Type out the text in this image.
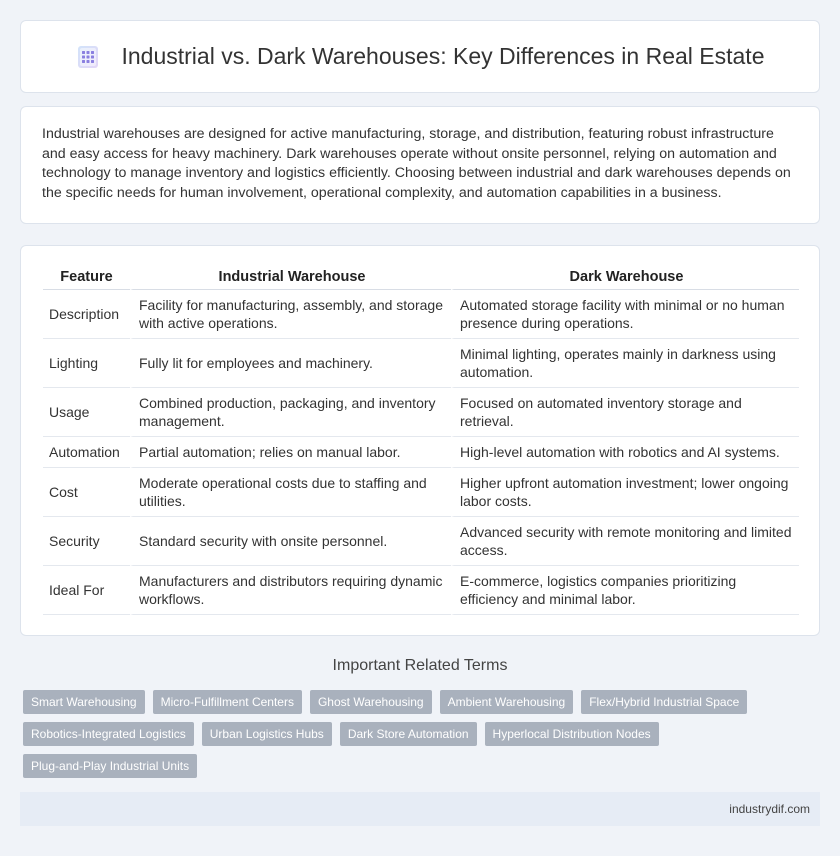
Industrial vs. Dark Warehouses: Key Differences in Real Estate

Industrial warehouses are designed for active manufacturing, storage, and distribution, featuring robust infrastructure and easy access for heavy machinery. Dark warehouses operate without onsite personnel, relying on automation and technology to manage inventory and logistics efficiently. Choosing between industrial and dark warehouses depends on the specific needs for human involvement, operational complexity, and automation capabilities in a business.

Feature	Industrial Warehouse	Dark Warehouse
Description	Facility for manufacturing, assembly, and storage with active operations.	Automated storage facility with minimal or no human presence during operations.
Lighting	Fully lit for employees and machinery.	Minimal lighting, operates mainly in darkness using automation.
Usage	Combined production, packaging, and inventory management.	Focused on automated inventory storage and retrieval.
Automation	Partial automation; relies on manual labor.	High-level automation with robotics and AI systems.
Cost	Moderate operational costs due to staffing and utilities.	Higher upfront automation investment; lower ongoing labor costs.
Security	Standard security with onsite personnel.	Advanced security with remote monitoring and limited access.
Ideal For	Manufacturers and distributors requiring dynamic workflows.	E-commerce, logistics companies prioritizing efficiency and minimal labor.
Important Related Terms
Smart Warehousing	Micro-Fulfillment Centers	Ghost Warehousing	Ambient Warehousing	Flex/Hybrid Industrial Space
Robotics-Integrated Logistics	Urban Logistics Hubs	Dark Store Automation	Hyperlocal Distribution Nodes
Plug-and-Play Industrial Units
industrydif.com
